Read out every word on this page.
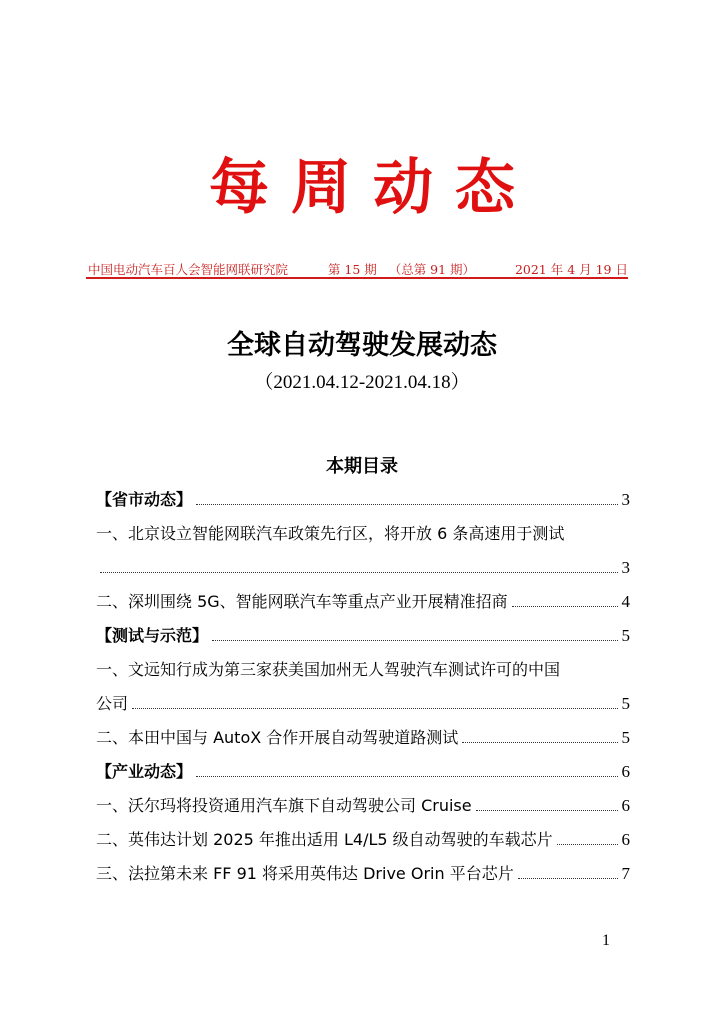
每周动态
中国电动汽车百人会智能网联研究院	第 15 期 （总第 91 期）	2021 年 4 月 19 日
全球自动驾驶发展动态
（2021.04.12-2021.04.18）
本期目录
【省市动态】	3
一、北京设立智能网联汽车政策先行区，将开放 6 条高速用于测试
3
二、深圳围绕 5G、智能网联汽车等重点产业开展精准招商	4
【测试与示范】	5
一、文远知行成为第三家获美国加州无人驾驶汽车测试许可的中国
公司	5
二、本田中国与 AutoX 合作开展自动驾驶道路测试	5
【产业动态】	6
一、沃尔玛将投资通用汽车旗下自动驾驶公司 Cruise	6
二、英伟达计划 2025 年推出适用 L4/L5 级自动驾驶的车载芯片	6
三、法拉第未来 FF 91 将采用英伟达 Drive Orin 平台芯片	7
1
